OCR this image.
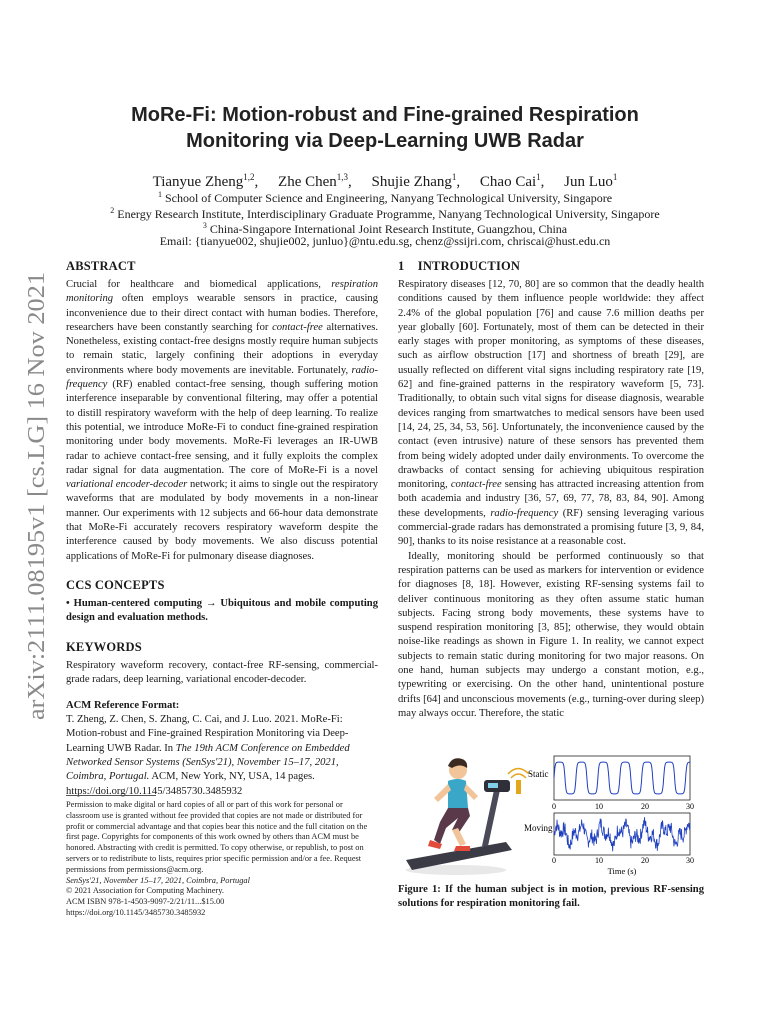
arXiv:2111.08195v1 [cs.LG] 16 Nov 2021
MoRe-Fi: Motion-robust and Fine-grained Respiration
Monitoring via Deep-Learning UWB Radar
Tianyue Zheng$^{1,2}$, Zhe Chen$^{1,3}$, Shujie Zhang$^1$, Chao Cai$^1$, Jun Luo$^1$
$^1$ School of Computer Science and Engineering, Nanyang Technological University, Singapore
$^2$ Energy Research Institute, Interdisciplinary Graduate Programme, Nanyang Technological University, Singapore
$^3$ China-Singapore International Joint Research Institute, Guangzhou, China
Email: {tianyue002, shujie002, junluo}@ntu.edu.sg, chenz@ssijri.com, chriscai@hust.edu.cn
ABSTRACT

Crucial for healthcare and biomedical applications, respiration monitoring often employs wearable sensors in practice, causing inconvenience due to their direct contact with human bodies. Therefore, researchers have been constantly searching for contact-free alternatives. Nonetheless, existing contact-free designs mostly require human subjects to remain static, largely confining their adoptions in everyday environments where body movements are inevitable. Fortunately, radio-frequency (RF) enabled contact-free sensing, though suffering motion interference inseparable by conventional filtering, may offer a potential to distill respiratory waveform with the help of deep learning. To realize this potential, we introduce MoRe-Fi to conduct fine-grained respiration monitoring under body movements. MoRe-Fi leverages an IR-UWB radar to achieve contact-free sensing, and it fully exploits the complex radar signal for data augmentation. The core of MoRe-Fi is a novel variational encoder-decoder network; it aims to single out the respiratory waveforms that are modulated by body movements in a non-linear manner. Our experiments with 12 subjects and 66-hour data demonstrate that MoRe-Fi accurately recovers respiratory waveform despite the interference caused by body movements. We also discuss potential applications of MoRe-Fi for pulmonary disease diagnoses.

CCS CONCEPTS

• Human-centered computing → Ubiquitous and mobile computing design and evaluation methods.

KEYWORDS

Respiratory waveform recovery, contact-free RF-sensing, commercial-grade radars, deep learning, variational encoder-decoder.

ACM Reference Format:

T. Zheng, Z. Chen, S. Zhang, C. Cai, and J. Luo. 2021. MoRe-Fi: Motion-robust and Fine-grained Respiration Monitoring via Deep-Learning UWB Radar. In The 19th ACM Conference on Embedded Networked Sensor Systems (SenSys'21), November 15–17, 2021, Coimbra, Portugal. ACM, New York, NY, USA, 14 pages. https://doi.org/10.1145/3485730.3485932

Permission to make digital or hard copies of all or part of this work for personal or classroom use is granted without fee provided that copies are not made or distributed for profit or commercial advantage and that copies bear this notice and the full citation on the first page. Copyrights for components of this work owned by others than ACM must be honored. Abstracting with credit is permitted. To copy otherwise, or republish, to post on servers or to redistribute to lists, requires prior specific permission and/or a fee. Request permissions from permissions@acm.org.

SenSys'21, November 15–17, 2021, Coimbra, Portugal

© 2021 Association for Computing Machinery.

ACM ISBN 978-1-4503-9097-2/21/11...$15.00

https://doi.org/10.1145/3485730.3485932

1    INTRODUCTION

Respiratory diseases [12, 70, 80] are so common that the deadly health conditions caused by them influence people worldwide: they affect 2.4% of the global population [76] and cause 7.6 million deaths per year globally [60]. Fortunately, most of them can be detected in their early stages with proper monitoring, as symptoms of these diseases, such as airflow obstruction [17] and shortness of breath [29], are usually reflected on different vital signs including respiratory rate [19, 62] and fine-grained patterns in the respiratory waveform [5, 73]. Traditionally, to obtain such vital signs for disease diagnosis, wearable devices ranging from smartwatches to medical sensors have been used [14, 24, 25, 34, 53, 56]. Unfortunately, the inconvenience caused by the contact (even intrusive) nature of these sensors has prevented them from being widely adopted under daily environments. To overcome the drawbacks of contact sensing for achieving ubiquitous respiration monitoring, contact-free sensing has attracted increasing attention from both academia and industry [36, 57, 69, 77, 78, 83, 84, 90]. Among these developments, radio-frequency (RF) sensing leveraging various commercial-grade radars has demonstrated a promising future [3, 9, 84, 90], thanks to its noise resistance at a reasonable cost.

Ideally, monitoring should be performed continuously so that respiration patterns can be used as markers for intervention or evidence for diagnoses [8, 18]. However, existing RF-sensing systems fail to deliver continuous monitoring as they often assume static human subjects. Facing strong body movements, these systems have to suspend respiration monitoring [3, 85]; otherwise, they would obtain noise-like readings as shown in Figure 1. In reality, we cannot expect subjects to remain static during monitoring for two major reasons. On one hand, human subjects may undergo a constant motion, e.g., typewriting or exercising. On the other hand, unintentional posture drifts [64] and unconscious movements (e.g., turning-over during sleep) may always occur. Therefore, the static

Static
Moving
0	10	20	30
0	10	20	30
Time (s)
Figure 1: If the human subject is in motion, previous RF-sensing solutions for respiration monitoring fail.
